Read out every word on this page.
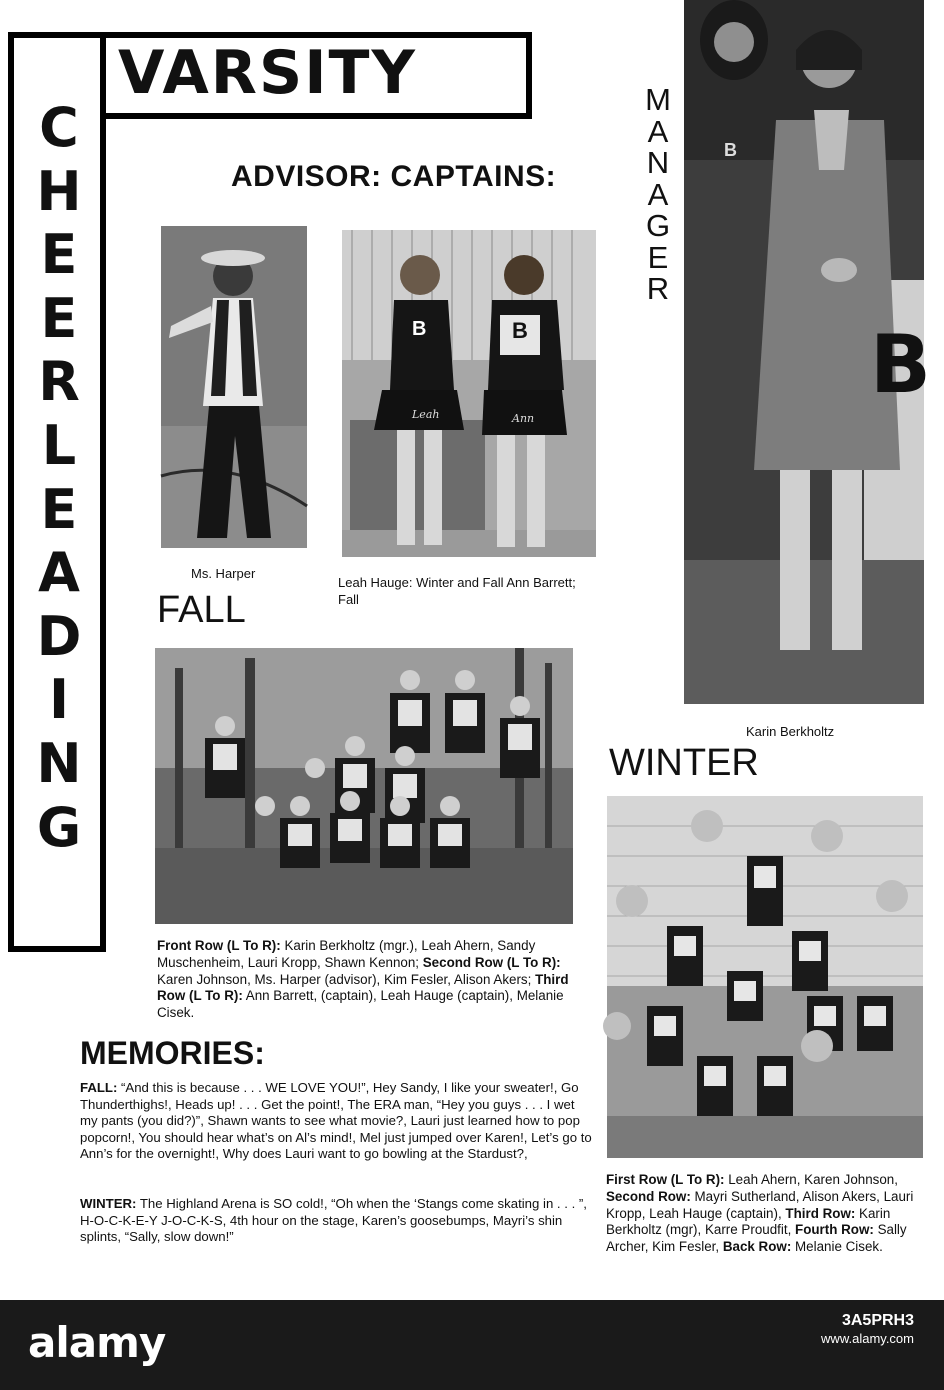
VARSITY
C
H
E
E
R
L
E
A
D
I
N
G
M
A
N
A
G
E
R
ADVISOR: CAPTAINS:
B	B
Leah	Ann
B
B
Ms. Harper
Leah Hauge: Winter and Fall Ann Barrett; Fall
Karin Berkholtz
FALL
Front Row (L To R): Karin Berkholtz (mgr.), Leah Ahern, Sandy Muschenheim, Lauri Kropp, Shawn Kennon; Second Row (L To R): Karen Johnson, Ms. Harper (advisor), Kim Fesler, Alison Akers; Third Row (L To R): Ann Barrett, (captain), Leah Hauge (captain), Melanie Cisek.
WINTER
First Row (L To R): Leah Ahern, Karen Johnson, Second Row: Mayri Sutherland, Alison Akers, Lauri Kropp, Leah Hauge (captain), Third Row: Karin Berkholtz (mgr), Karre Proudfit, Fourth Row: Sally Archer, Kim Fesler, Back Row: Melanie Cisek.
MEMORIES:
FALL: “And this is because . . . WE LOVE YOU!”, Hey Sandy, I like your sweater!, Go Thunderthighs!, Heads up! . . . Get the point!, The ERA man, “Hey you guys . . . I wet my pants (you did?)”, Shawn wants to see what movie?, Lauri just learned how to pop popcorn!, You should hear what’s on Al’s mind!, Mel just jumped over Karen!, Let’s go to Ann’s for the overnight!, Why does Lauri want to go bowling at the Stardust?,
WINTER: The Highland Arena is SO cold!, “Oh when the ‘Stangs come skating in . . . ”, H-O-C-K-E-Y J-O-C-K-S, 4th hour on the stage, Karen’s goosebumps, Mayri’s shin splints, “Sally, slow down!”
alamy	3A5PRH3
www.alamy.com
